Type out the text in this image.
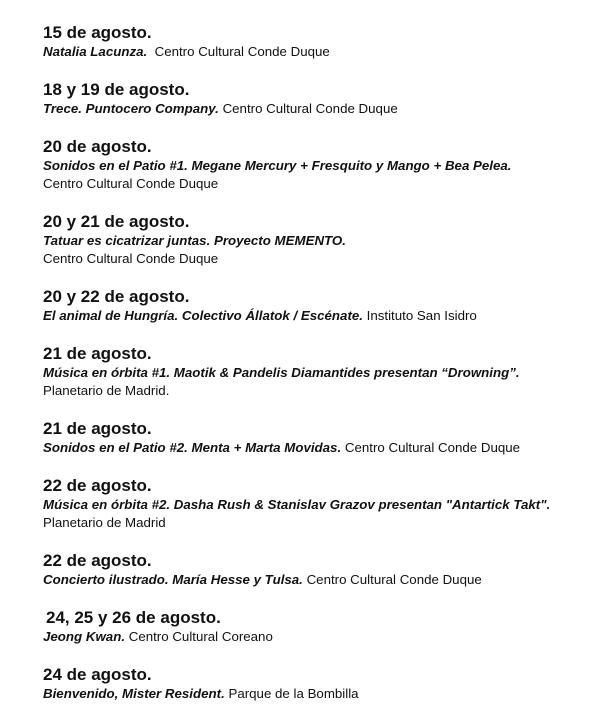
15 de agosto.
Natalia Lacunza. Centro Cultural Conde Duque
18 y 19 de agosto.
Trece. Puntocero Company. Centro Cultural Conde Duque
20 de agosto.
Sonidos en el Patio #1. Megane Mercury + Fresquito y Mango + Bea Pelea.
Centro Cultural Conde Duque
20 y 21 de agosto.
Tatuar es cicatrizar juntas. Proyecto MEMENTO.
Centro Cultural Conde Duque
20 y 22 de agosto.
El animal de Hungría. Colectivo Állatok / Escénate. Instituto San Isidro
21 de agosto.
Música en órbita #1. Maotik & Pandelis Diamantides presentan “Drowning”.
Planetario de Madrid.
21 de agosto.
Sonidos en el Patio #2. Menta + Marta Movidas. Centro Cultural Conde Duque
22 de agosto.
Música en órbita #2. Dasha Rush & Stanislav Grazov presentan "Antartick Takt".
Planetario de Madrid
22 de agosto.
Concierto ilustrado. María Hesse y Tulsa. Centro Cultural Conde Duque
24, 25 y 26 de agosto.
Jeong Kwan. Centro Cultural Coreano
24 de agosto.
Bienvenido, Mister Resident. Parque de la Bombilla
